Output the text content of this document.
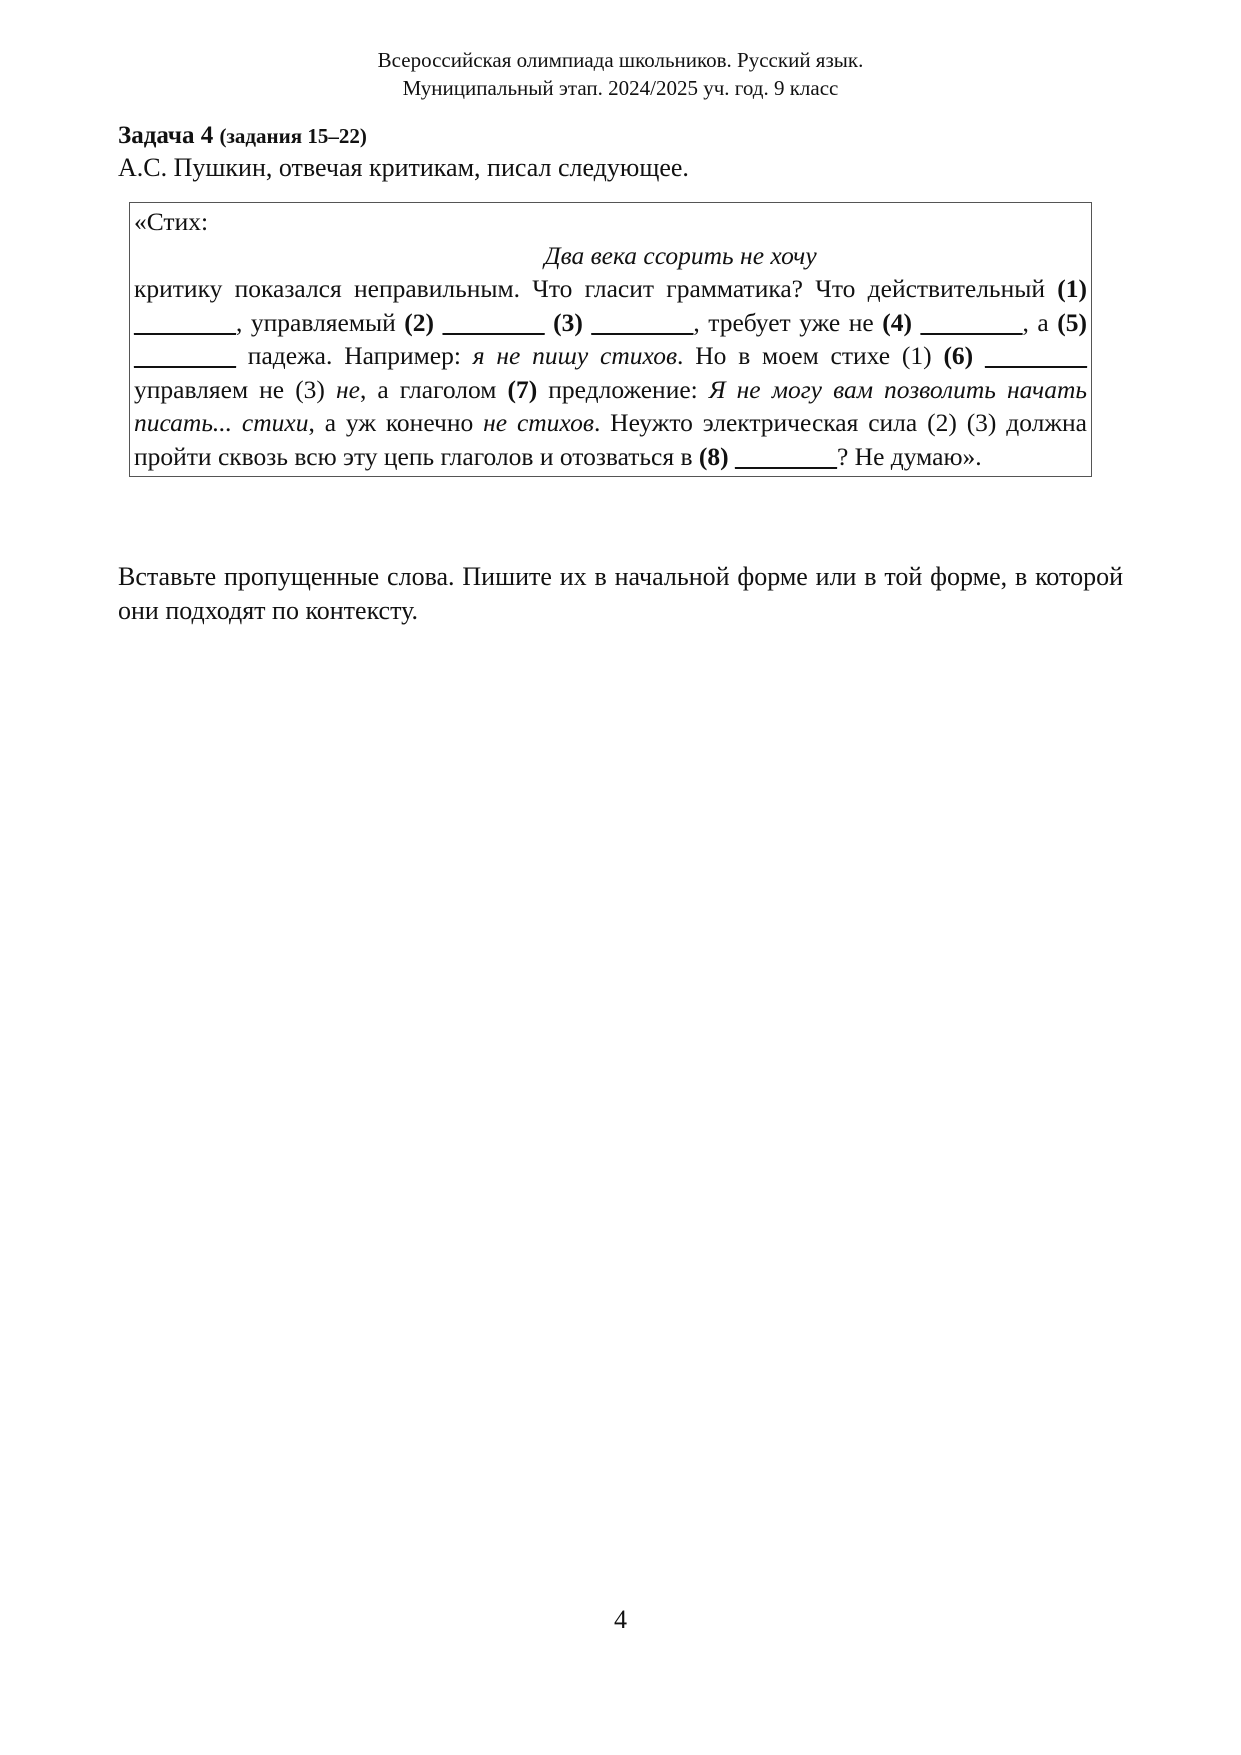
Всероссийская олимпиада школьников. Русский язык.
Муниципальный этап. 2024/2025 уч. год. 9 класс
Задача 4 (задания 15–22)
А.С. Пушкин, отвечая критикам, писал следующее.

«Стих:

Два века ссорить не хочу

критику показался неправильным. Что гласит грамматика? Что действительный (1) ________, управляемый (2) ________ (3) ________, требует уже не (4) ________, а (5) ________ падежа. Например: я не пишу стихов. Но в моем стихе (1) (6) ________ управляем не (3) не, а глаголом (7) предложение: Я не могу вам позволить начать писать... стихи, а уж конечно не стихов. Неужто электрическая сила (2) (3) должна пройти сквозь всю эту цепь глаголов и отозваться в (8) ________? Не думаю».

Вставьте пропущенные слова. Пишите их в начальной форме или в той форме, в которой они подходят по контексту.

4
